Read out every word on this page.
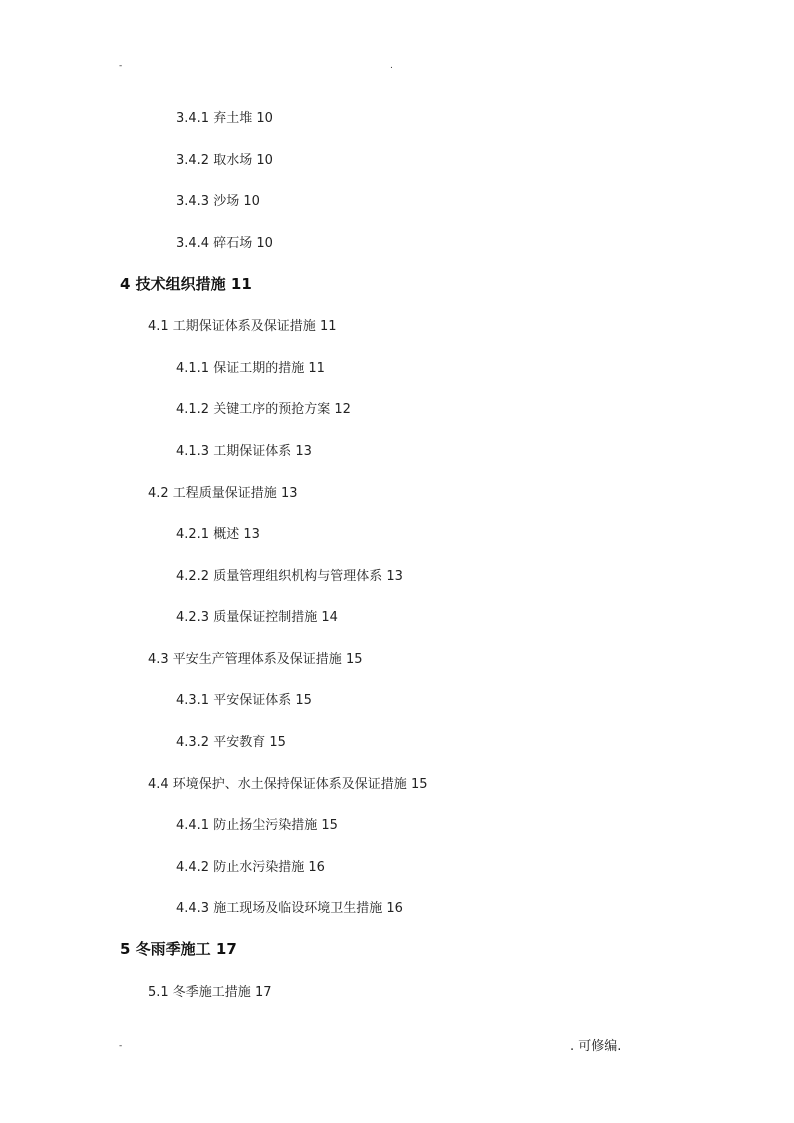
-	.
3.4.1 弃土堆 10
3.4.2 取水场 10
3.4.3 沙场 10
3.4.4 碎石场 10
4 技术组织措施 11
4.1 工期保证体系及保证措施 11
4.1.1 保证工期的措施 11
4.1.2 关键工序的预抢方案 12
4.1.3 工期保证体系 13
4.2 工程质量保证措施 13
4.2.1 概述 13
4.2.2 质量管理组织机构与管理体系 13
4.2.3 质量保证控制措施 14
4.3 平安生产管理体系及保证措施 15
4.3.1 平安保证体系 15
4.3.2 平安教育 15
4.4 环境保护、水土保持保证体系及保证措施 15
4.4.1 防止扬尘污染措施 15
4.4.2 防止水污染措施 16
4.4.3 施工现场及临设环境卫生措施 16
5 冬雨季施工 17
5.1 冬季施工措施 17
-	. 可修编.
